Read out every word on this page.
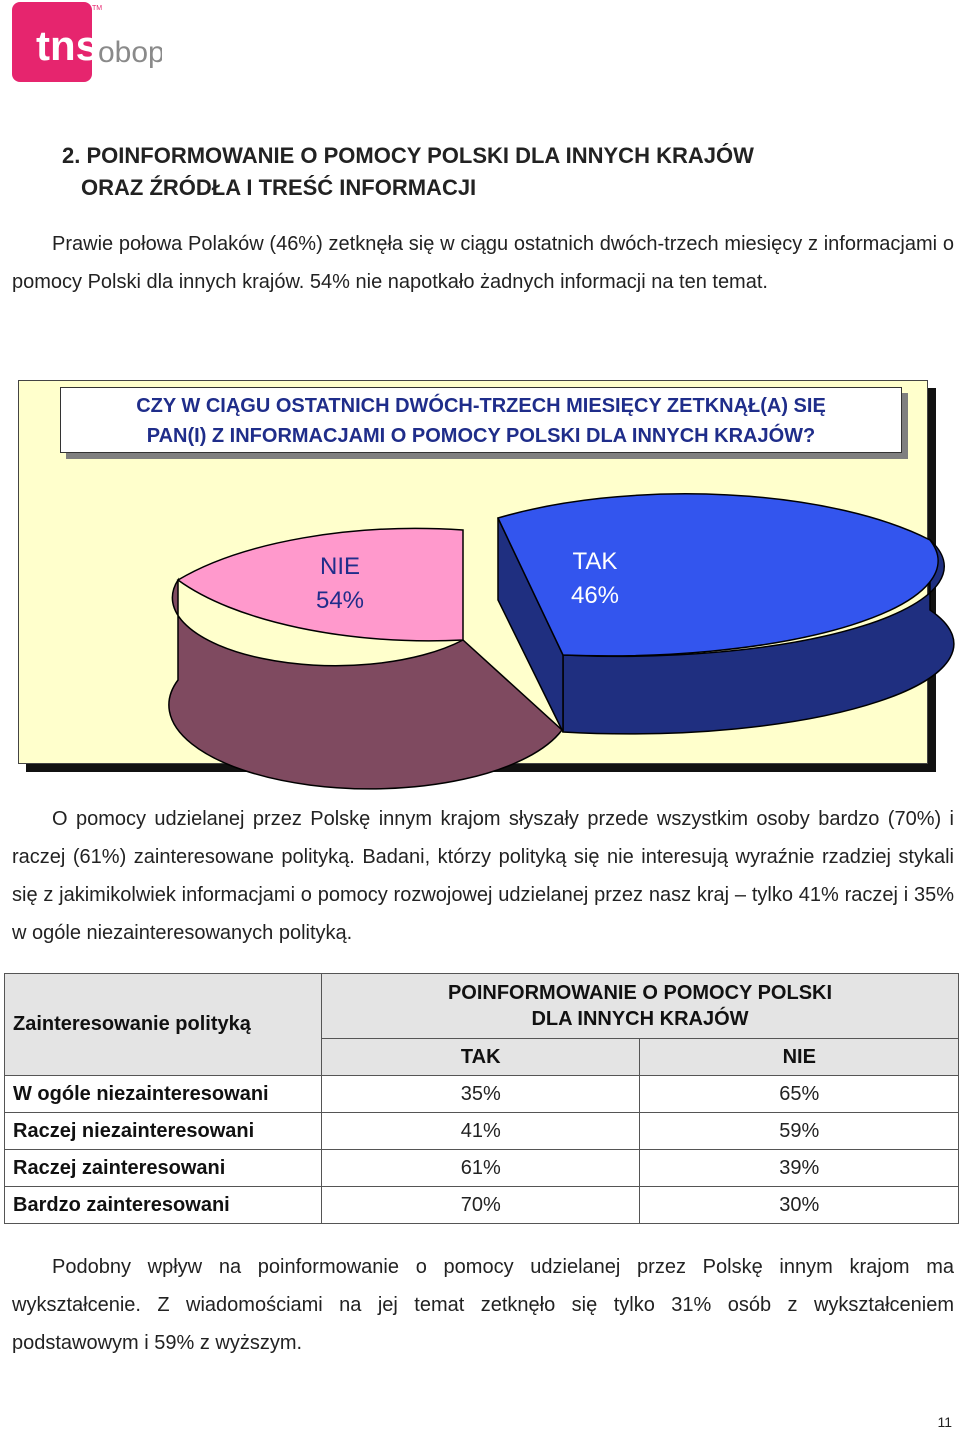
tns
TM
obop
2. POINFORMOWANIE O POMOCY POLSKI DLA INNYCH KRAJÓW
ORAZ ŹRÓDŁA I TREŚĆ INFORMACJI
Prawie połowa Polaków (46%) zetknęła się w ciągu ostatnich dwóch-trzech miesięcy z informacjami o pomocy Polski dla innych krajów. 54% nie napotkało żadnych informacji na ten temat.
CZY W CIĄGU OSTATNICH DWÓCH-TRZECH MIESIĘCY ZETKNĄŁ(A) SIĘ
PAN(I) Z INFORMACJAMI O POMOCY POLSKI DLA INNYCH KRAJÓW?
NIE
54%
TAK
46%
O pomocy udzielanej przez Polskę innym krajom słyszały przede wszystkim osoby bardzo (70%) i raczej (61%) zainteresowane polityką. Badani, którzy polityką się nie interesują wyraźnie rzadziej stykali się z jakimikolwiek informacjami o pomocy rozwojowej udzielanej przez nasz kraj – tylko 41% raczej i 35% w ogóle niezainteresowanych polityką.
Zainteresowanie polityką	POINFORMOWANIE O POMOCY POLSKI
DLA INNYCH KRAJÓW	

	TAK	NIE
W ogóle niezainteresowani	35%	65%
Raczej niezainteresowani	41%	59%
Raczej zainteresowani	61%	39%
Bardzo zainteresowani	70%	30%
Podobny wpływ na poinformowanie o pomocy udzielanej przez Polskę innym krajom ma wykształcenie. Z wiadomościami na jej temat zetknęło się tylko 31% osób z wykształceniem podstawowym i 59% z wyższym.
11
